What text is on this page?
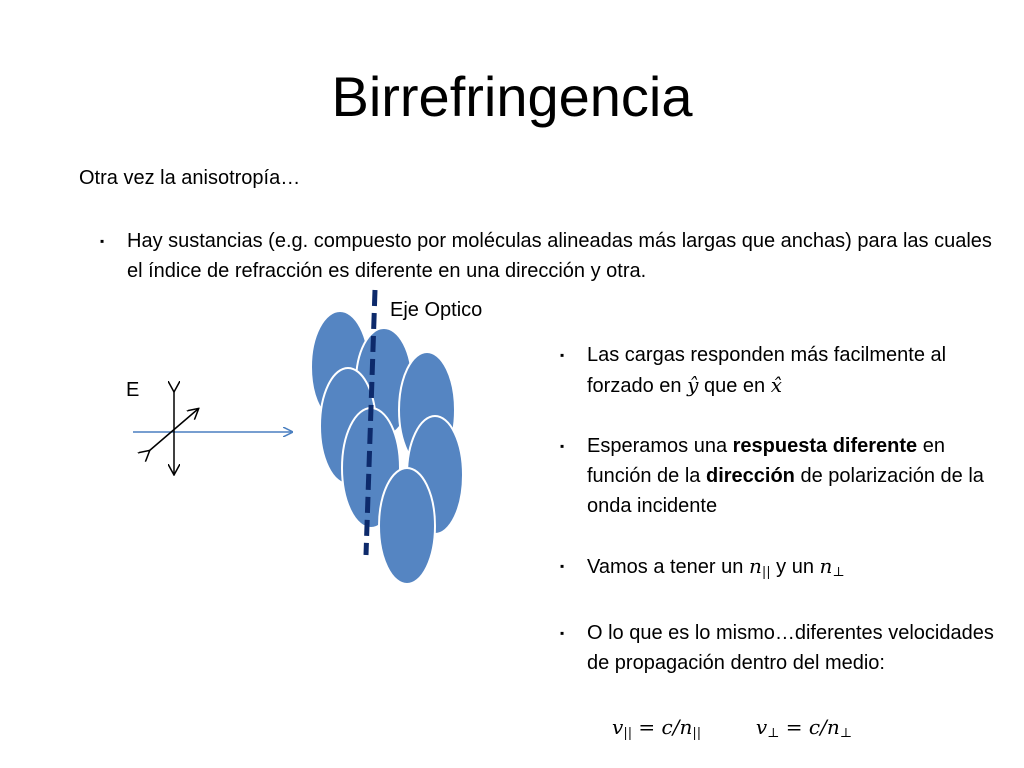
Birrefringencia
Otra vez la anisotropía…
▪ Hay sustancias (e.g. compuesto por moléculas alineadas más largas que anchas) para las cuales el índice de refracción es diferente en una dirección y otra.
E
Eje Optico
▪ Las cargas responden más facilmente al forzado en ŷ que en x̂
▪ Esperamos una respuesta diferente en función de la dirección de polarización de la onda incidente
▪ Vamos a tener un $n_{||}$ y un $n_\perp$
▪ O lo que es lo mismo…diferentes velocidades de propagación dentro del medio:
$v_{||} = c/n_{||}$	$v_\perp = c/n_\perp$
